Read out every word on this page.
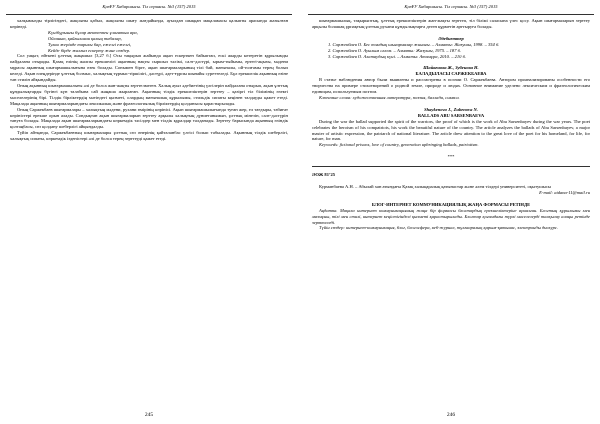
ҚазҰУ Хабаршысы. Тіл сериясы. №3 (157) 2015

халқымызды тірлігіндегі, жақсыны қабыл, жақсыны шығу жағдайында, ауылдан шыққан мақаламасы қалыпты арасында жазылған көрінеді.

Күнібұрынғы бұлар мектеппен ұлағатын ара,

Ойланып, қайғылаған қалың табалар,

Туған жерінде тарихы бар, ежелгі ежелгі,

Кейде бірде жалғыз ескерту және сөздер.

Сол уақыт, өйткені ұлттық жаңашыл [3,27 б.] Осы тақырып жайында ақын ескерткен байыптап, ескі жырды көтеретін құрылымды пайдалана отырады. Қазақ елінің жалпы ерекшелігі ақынның нақты сыршыл тәлімі, салт-дәстүрі, ырым-тыйымы, ертегі-аңызы, мәдени мұрасы ақынның шығармашылығына өзек болады. Сонымен бірге, ақын шығармаларының тілі бай, мағыналы, ой-толғамы терең болып келеді. Ақын өлеңдерінде ұлттық болмыс, халықтың тұрмыс-тіршілігі, дәстүрі, әдет-ғұрпы шынайы суреттеледі. Бұл ерекшелік ақынның өзіне тән стилін айқындайды.

Оның ақынның шығармашылығы әлі де болса жан-жақты зерттелмеген. Халық ауыз әдебиетінің үлгілерін пайдалана отырып, ақын ұлттық құндылықтарды бүгінгі күн талабына сай жаңаша жырлаған. Ақынның тілдік ерекшеліктерін зерттеу – қазіргі тіл білімінің өзекті мәселелерінің бірі. Тілдік бірліктердің мәтіндегі қызметі, олардың мағыналық құрылымы, стильдік сипаты кеңінен талдауды қажет етеді. Мақалада ақынның шығармаларындағы лексикалық және фразеологиялық бірліктердің қолданысы қарастырылады.

Оның Саржекбаев шығармалары – халықтың мәдени, рухани өмірінің көрінісі. Ақын шығармашылығында туған жер, ел тағдыры, табиғат көріністері ерекше орын алады. Сондықтан ақын шығармаларын зерттеу арқылы халықтың дүниетанымын, ұлттық мінезін, салт-дәстүрін тануға болады. Мақалада ақын шығармаларындағы көркемдік тәсілдер мен тілдік құралдар талданады. Зерттеу барысында ақынның өзіндік қолтаңбасы, сөз қолдану шеберлігі айқындалды.

Түйіп айтқанда, Саржекбаевтың шығармалары ұлттық сөз өнерінің қайталанбас үлгісі болып табылады. Ақынның тілдік шеберлігі, халықтық сипаты, көркемдік ізденістері әлі де болса терең зерттеуді қажет етеді.

245
ҚазҰУ Хабаршысы. Тіл сериясы. №3 (157) 2015

шығармашылық, тақырыптық, ұлттық ерекшеліктерін жан-жақты зерттеп, тіл білімі саласына үлес қосу. Ақын шығармаларын зерттеу арқылы болашақ ұрпақтың ұлттық рухани құндылықтарға деген құрметін арттыруға болады.

Әдебиеттер

1. Саржекбаев О. Бес томдық шығармалар жинағы. – Алматы: Жазушы, 1998. – 354 б.

2. Саржекбаев О. Ауылым сәлем. – Алматы: Жазушы, 1975. – 187 б.

3. Саржекбаев О. Алатаудың күні. – Алматы: Атамұра, 2010. – 210 б.

Шайкенова Ж., Зубенова Н.

БАЛАДЫЛАСЫ САРЖЕКБАЕВА

В статье наблюдения автор были выявлены и рассмотрены в поэзии О. Саржекбаева. Автором проанализированы особенности его творчества на примере стихотворений о родной земле, природе и людях. Основное внимание уделено лексическим и фразеологическим единицам, используемым поэтом.

Ключевые слова: художественная литература, поэзия, баллада, символ.

Shaykenova J., Zubenova N.

BALLADS ABU SARSENBAEVA

During the war the ballad supported the spirit of the warriors, the proof of which is the work of Abu Sarsenbayev during the war years. The poet celebrates the heroism of his compatriots, his work the beautiful nature of the country. The article analyzes the ballads of Abu Sarsenbayev, a major master of artistic expression, the patriarch of national literature. The article drew attention to the great love of the poet for his homeland, for life, for nature, for man.

Keywords: fictional prisons, love of country, generation upbringing ballads, patriotism.

***

ӘОЖ 81’25

Курманбаева А.Н. – Абылай хан атындағы Қазақ халықаралық қатынастар және әлем тілдері университеті, оқытушысы

E-mail: aidana-11@mail.ru

БЛОГ-ИНТЕРНЕТ КОММУНИКАЦИЯЛЫҚ ЖАҢА ФОРМАСЫ РЕТІНДЕ

Аңдатпа. Мақала интернет коммуникацияның жаңа бір формасы блогтардың ерекшеліктеріне арналған. Блогтың құрылымы мен мазмұны, тілі мен стилі, интернет кеңістігіндегі қызметі қарастырылады. Блогтар қоғамдағы түрлі мәселелерді талқылау алаңы ретінде зерттеледі.

Түйін сөздер: интернет-коммуникация, блог, блогосфера, веб-журнал, тұлғааралық қарым-қатынас, электронды дискурс.

246
